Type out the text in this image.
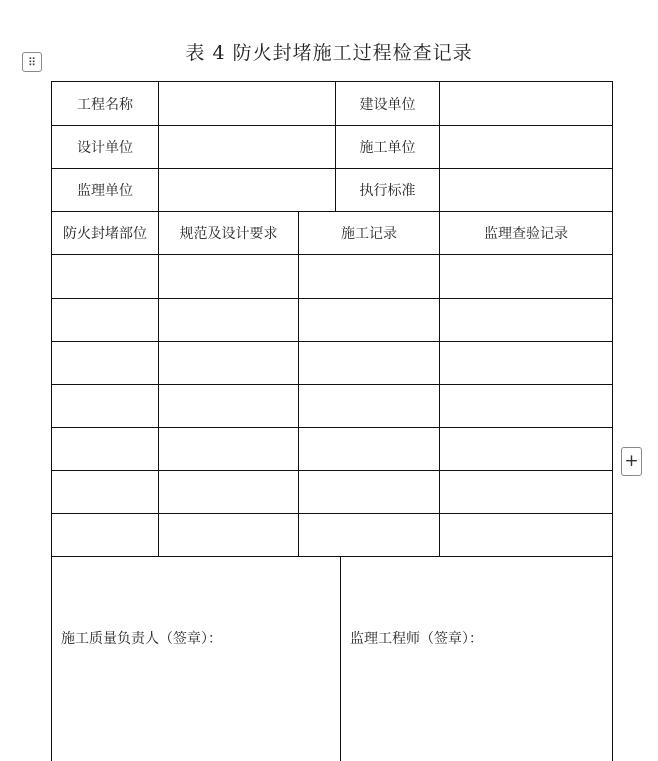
表 4 防火封堵施工过程检查记录
⠿
+
工程名称	建设单位
设计单位	施工单位
监理单位	执行标准
防火封堵部位	规范及设计要求	施工记录	监理查验记录
施工质量负责人（签章）：	监理工程师（签章）：
